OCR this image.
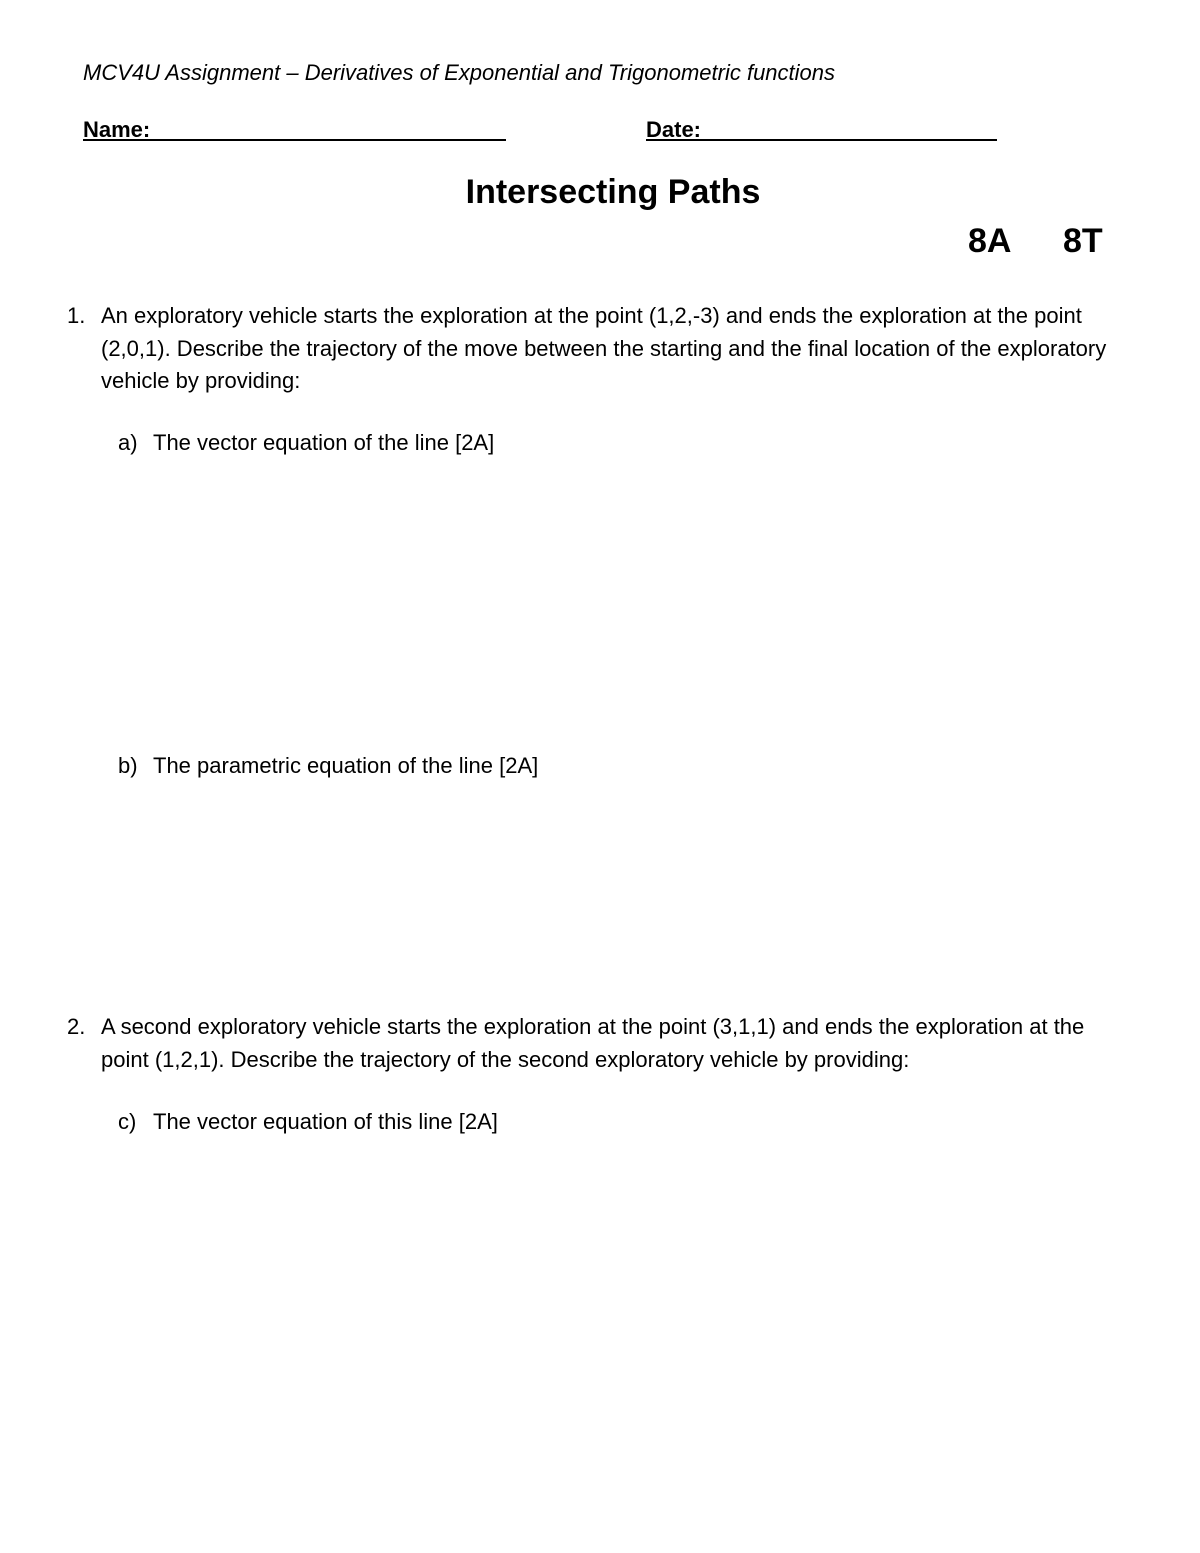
MCV4U Assignment – Derivatives of Exponential and Trigonometric functions
Name:	Date:
Intersecting Paths
8A 8T
1. An exploratory vehicle starts the exploration at the point (1,2,-3) and ends the exploration at the point (2,0,1). Describe the trajectory of the move between the starting and the final location of the exploratory vehicle by providing:
a) The vector equation of the line [2A]
b) The parametric equation of the line [2A]
2. A second exploratory vehicle starts the exploration at the point (3,1,1) and ends the exploration at the point (1,2,1). Describe the trajectory of the second exploratory vehicle by providing:
c) The vector equation of this line [2A]
